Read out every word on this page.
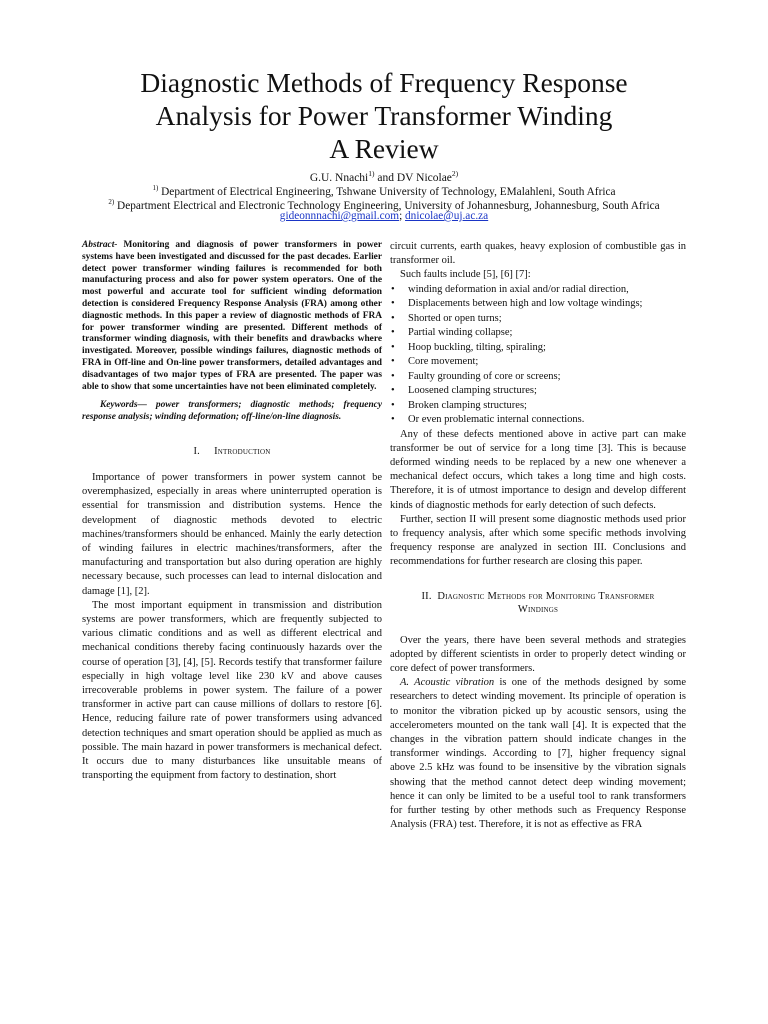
Diagnostic Methods of Frequency Response
Analysis for Power Transformer Winding
A Review
G.U. Nnachi$^{1)}$ and DV Nicolae$^{2)}$
$^{1)}$ Department of Electrical Engineering, Tshwane University of Technology, EMalahleni, South Africa
$^{2)}$ Department Electrical and Electronic Technology Engineering, University of Johannesburg, Johannesburg, South Africa
gideonnnachi@gmail.com; dnicolae@uj.ac.za

Abstract- Monitoring and diagnosis of power transformers in power systems have been investigated and discussed for the past decades. Earlier detect power transformer winding failures is recommended for both manufacturing process and also for power system operators. One of the most powerful and accurate tool for sufficient winding deformation detection is considered Frequency Response Analysis (FRA) among other diagnostic methods. In this paper a review of diagnostic methods of FRA for power transformer winding are presented. Different methods of transformer winding diagnosis, with their benefits and drawbacks where investigated. Moreover, possible windings failures, diagnostic methods of FRA in Off-line and On-line power transformers, detailed advantages and disadvantages of two major types of FRA are presented. The paper was able to show that some uncertainties have not been eliminated completely.

Keywords— power transformers; diagnostic methods; frequency response analysis; winding deformation; off-line/on-line diagnosis.

I. Introduction

Importance of power transformers in power system cannot be overemphasized, especially in areas where uninterrupted operation is essential for transmission and distribution systems. Hence the development of diagnostic methods devoted to electric machines/transformers should be enhanced. Mainly the early detection of winding failures in electric machines/transformers, after the manufacturing and transportation but also during operation are highly necessary because, such processes can lead to internal dislocation and damage [1], [2].

The most important equipment in transmission and distribution systems are power transformers, which are frequently subjected to various climatic conditions and as well as different electrical and mechanical conditions thereby facing continuously hazards over the course of operation [3], [4], [5]. Records testify that transformer failure especially in high voltage level like 230 kV and above causes irrecoverable problems in power system. The failure of a power transformer in active part can cause millions of dollars to restore [6]. Hence, reducing failure rate of power transformers using advanced detection techniques and smart operation should be applied as much as possible. The main hazard in power transformers is mechanical defect. It occurs due to many disturbances like unsuitable means of transporting the equipment from factory to destination, short

circuit currents, earth quakes, heavy explosion of combustible gas in transformer oil.

Such faults include [5], [6] [7]:

• winding deformation in axial and/or radial direction,
• Displacements between high and low voltage windings;
• Shorted or open turns;
• Partial winding collapse;
• Hoop buckling, tilting, spiraling;
• Core movement;
• Faulty grounding of core or screens;
• Loosened clamping structures;
• Broken clamping structures;
• Or even problematic internal connections.

Any of these defects mentioned above in active part can make transformer be out of service for a long time [3]. This is because deformed winding needs to be replaced by a new one whenever a mechanical defect occurs, which takes a long time and high costs. Therefore, it is of utmost importance to design and develop different kinds of diagnostic methods for early detection of such defects.

Further, section II will present some diagnostic methods used prior to frequency analysis, after which some specific methods involving frequency response are analyzed in section III. Conclusions and recommendations for further research are closing this paper.

II. Diagnostic Methods for Monitoring Transformer
Windings

Over the years, there have been several methods and strategies adopted by different scientists in order to properly detect winding or core defect of power transformers.

A. Acoustic vibration is one of the methods designed by some researchers to detect winding movement. Its principle of operation is to monitor the vibration picked up by acoustic sensors, using the accelerometers mounted on the tank wall [4]. It is expected that the changes in the vibration pattern should indicate changes in the transformer windings. According to [7], higher frequency signal above 2.5 kHz was found to be insensitive by the vibration signals showing that the method cannot detect deep winding movement; hence it can only be limited to be a useful tool to rank transformers for further testing by other methods such as Frequency Response Analysis (FRA) test. Therefore, it is not as effective as FRA
